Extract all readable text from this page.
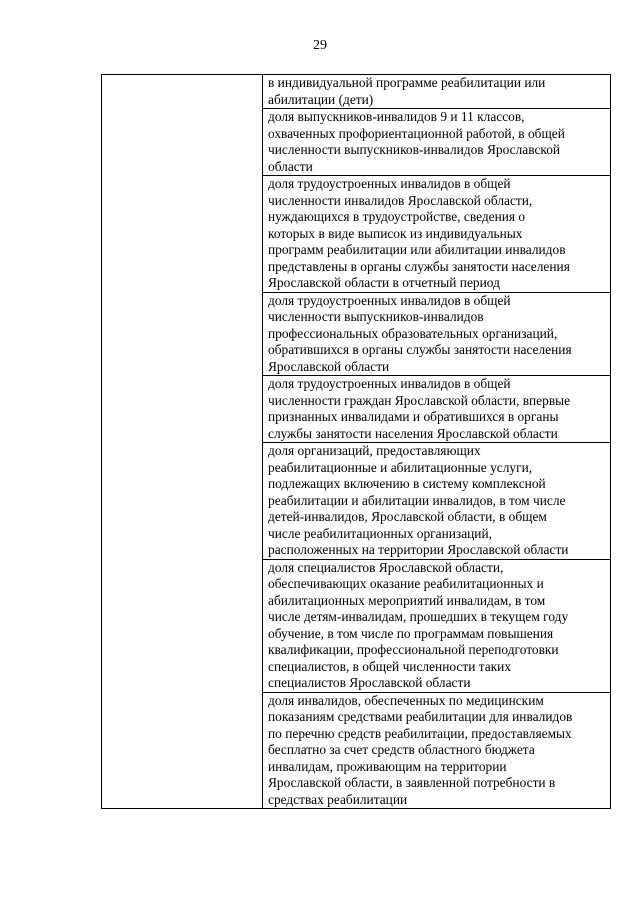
29

в индивидуальной программе реабилитации или
абилитации (дети)

доля выпускников-инвалидов 9 и 11 классов,
охваченных профориентационной работой, в общей
численности выпускников-инвалидов Ярославской
области

доля трудоустроенных инвалидов в общей
численности инвалидов Ярославской области,
нуждающихся в трудоустройстве, сведения о
которых в виде выписок из индивидуальных
программ реабилитации или абилитации инвалидов
представлены в органы службы занятости населения
Ярославской области в отчетный период

доля трудоустроенных инвалидов в общей
численности выпускников-инвалидов
профессиональных образовательных организаций,
обратившихся в органы службы занятости населения
Ярославской области

доля трудоустроенных инвалидов в общей
численности граждан Ярославской области, впервые
признанных инвалидами и обратившихся в органы
службы занятости населения Ярославской области

доля организаций, предоставляющих
реабилитационные и абилитационные услуги,
подлежащих включению в систему комплексной
реабилитации и абилитации инвалидов, в том числе
детей-инвалидов, Ярославской области, в общем
числе реабилитационных организаций,
расположенных на территории Ярославской области

доля специалистов Ярославской области,
обеспечивающих оказание реабилитационных и
абилитационных мероприятий инвалидам, в том
числе детям-инвалидам, прошедших в текущем году
обучение, в том числе по программам повышения
квалификации, профессиональной переподготовки
специалистов, в общей численности таких
специалистов Ярославской области

доля инвалидов, обеспеченных по медицинским
показаниям средствами реабилитации для инвалидов
по перечню средств реабилитации, предоставляемых
бесплатно за счет средств областного бюджета
инвалидам, проживающим на территории
Ярославской области, в заявленной потребности в
средствах реабилитации
